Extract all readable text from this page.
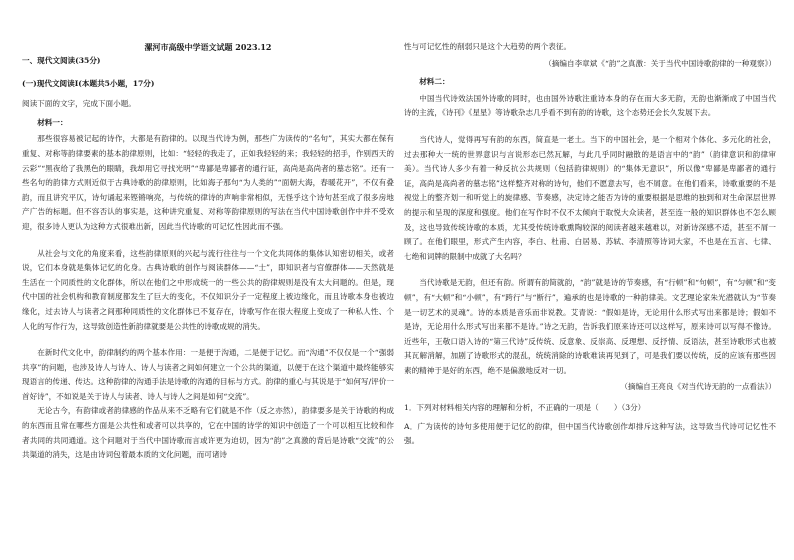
漯河市高级中学语文试题 2023.12

一、现代文阅读(35分)

(一)现代文阅读I(本题共5小题，17分)

阅读下面的文字，完成下面小题。

材料一：

那些很容易被记起的诗作，大都是有韵律的。以现当代诗为例，那些广为读传的“名句”，其实大都在保有重复、对称等韵律要素的基本韵律原则，比如：“轻轻的我走了，正如我轻轻的来；我轻轻的招手，作别西天的云彩”“黑夜给了我黑色的眼睛，我却用它寻找光明”“卑鄙是卑鄙者的通行证，高尚是高尚者的墓志铭”。还有一些名句的韵律方式则近似于古典诗歌的韵律原则，比如海子那句“为人类的”“面朝大海，春暖花开”，不仅有叠韵，而且讲究平仄，诗句诵起来铿锵响亮，与传统的律诗的声响非常相似，无怪乎这个诗句甚至成了很多房地产广告的标题。但不容否认的事实是，这种讲究重复、对称等韵律原则的写法在当代中国诗歌创作中并不受欢迎，很多诗人更认为这种方式很难出新，因此当代诗歌的可记忆性因此而不强。

从社会与文化的角度来看，这些韵律原则的兴起与流行往往与一个文化共同体的集体认知密切相关，或者说，它们本身就是集体记忆的化身。古典诗歌的创作与阅读群体——“士”，即知识者与官僚群体——天然就是生活在一个同质性的文化群体，所以在他们之中形成统一的一些公共的韵律规则是没有太大问题的。但是，现代中国的社会机构和教育制度都发生了巨大的变化，不仅知识分子一定程度上被边缘化，而且诗歌本身也被边缘化，过去诗人与读者之间那种同质性的文化群体已不复存在，诗歌写作在很大程度上变成了一种私人性、个人化的写作行为，这导致创造性新韵律就要是公共性的诗歌成规的消失。

在新时代文化中，韵律制约的两个基本作用：一是便于沟通，二是便于记忆。而“沟通”不仅仅是一个“强弱共享”的问题，也涉及诗人与诗人、诗人与读者之间如何建立一个公共的渠道，以便于在这个渠道中最终能够实现语言的传递、传达。这种韵律的沟通手法是诗歌的沟通的目标与方式。韵律的重心与其说是于“如何写/评价一首好诗”，不如说是关于诗人与读者、诗人与诗人之间是如何“交流”。

无论古今，有韵律或者韵律感的作品从来不乏略有它们就是不作（反之亦然），韵律要多是关于诗歌的构成的东西而且常在哪些方面是公共性和或者可以共享的，它在中国的诗学的知识中创造了一个可以相互比较和作者共同的共同通道。这个问题对于当代中国诗歌而言或许更为迫切，因为“韵”之真激的背后是诗歌“交流”的公共渠道的消失，这是由诗词包着最本质的文化问题，而可诸诗

性与可记忆性的削弱只是这个大趋势的两个表征。

（摘编自李章斌《“韵”之真激：关于当代中国诗歌韵律的一种观察》）

材料二：

中国当代诗效法国外诗歌的同时，也由国外诗歌注重诗本身的存在而大多无韵，无韵也渐渐成了中国当代诗的主流，《诗刊》《星星》等诗歌杂志几乎看不到有韵的诗歌，这个态势还会长久发展下去。

当代诗人，觉得再写有韵的东西，简直是一老土。当下的中国社会，是一个相对个体化、多元化的社会，过去那种大一统的世界意识与言说形态已然瓦解，与此几乎同时融散的是语言中的“韵”（韵律意识和韵律审美）。当代诗人多少有着一种反抗公共规则（包括韵律规则）的“集体无意识”，所以像“卑鄙是卑鄙者的通行证，高尚是高尚者的墓志铭”这样整齐对称的诗句，他们不愿意去写，也不屑意。在他们看来，诗歌重要的不是视觉上的整齐划一和听觉上的旋律感、节奏感，决定诗之能否为诗的重要根据是思维的独到和对生命深层世界的提示和呈现的深度和强度。他们在写作时不仅不太倾向于取悦大众读者，甚至连一般的知识群体也不怎么顾及，这也导致传统诗歌的本质，尤其受传统诗歌熏陶较深的阅读者越来越难以，对新诗深感不适，甚至不屑一顾了。在他们眼里，形式产生内容，李白、杜甫、白居易、苏轼、李清照等诗词大家，不也是在五言、七律、七绝和词牌的限制中成就了大名吗？

当代诗歌是无韵，但还有韵。所谓有韵简就韵，“韵”就是诗的节奏感，有“行顿”和“句顿”，有“匀顿”和“变顿”，有“大顿”和“小顿”，有“跨行”与“断行”，遍承的也是诗歌的一种韵律美。文艺理论家朱光潜就认为“节奏是一切艺术的灵魂”。诗的本质是音乐而非说教。艾青说：“假如是诗，无论用什么形式写出来都是诗；假如不是诗，无论用什么形式写出来都不是诗。”诗之无韵，告诉我们原来诗还可以这样写，原来诗可以写得不像诗。近些年，王敬口语入诗的“第三代诗”反传统、反意象、反崇高、反理想、反抒情、反语法，甚至诗歌形式也被其瓦解消解，加剧了诗歌形式的混乱，统统消除的诗歌难读再见到了，可是我们要以传统，反的应该有那些因素的精神于是好的东西，绝不是偏激地反对一切。

（摘编自王亮良《对当代诗无韵的一点看法》）

1．下列对材料相关内容的理解和分析，不正确的一项是（　　）（3分）

A．广为读传的诗句多使用便于记忆的韵律，但中国当代诗歌创作却排斥这种写法，这导致当代诗可记忆性不强。
